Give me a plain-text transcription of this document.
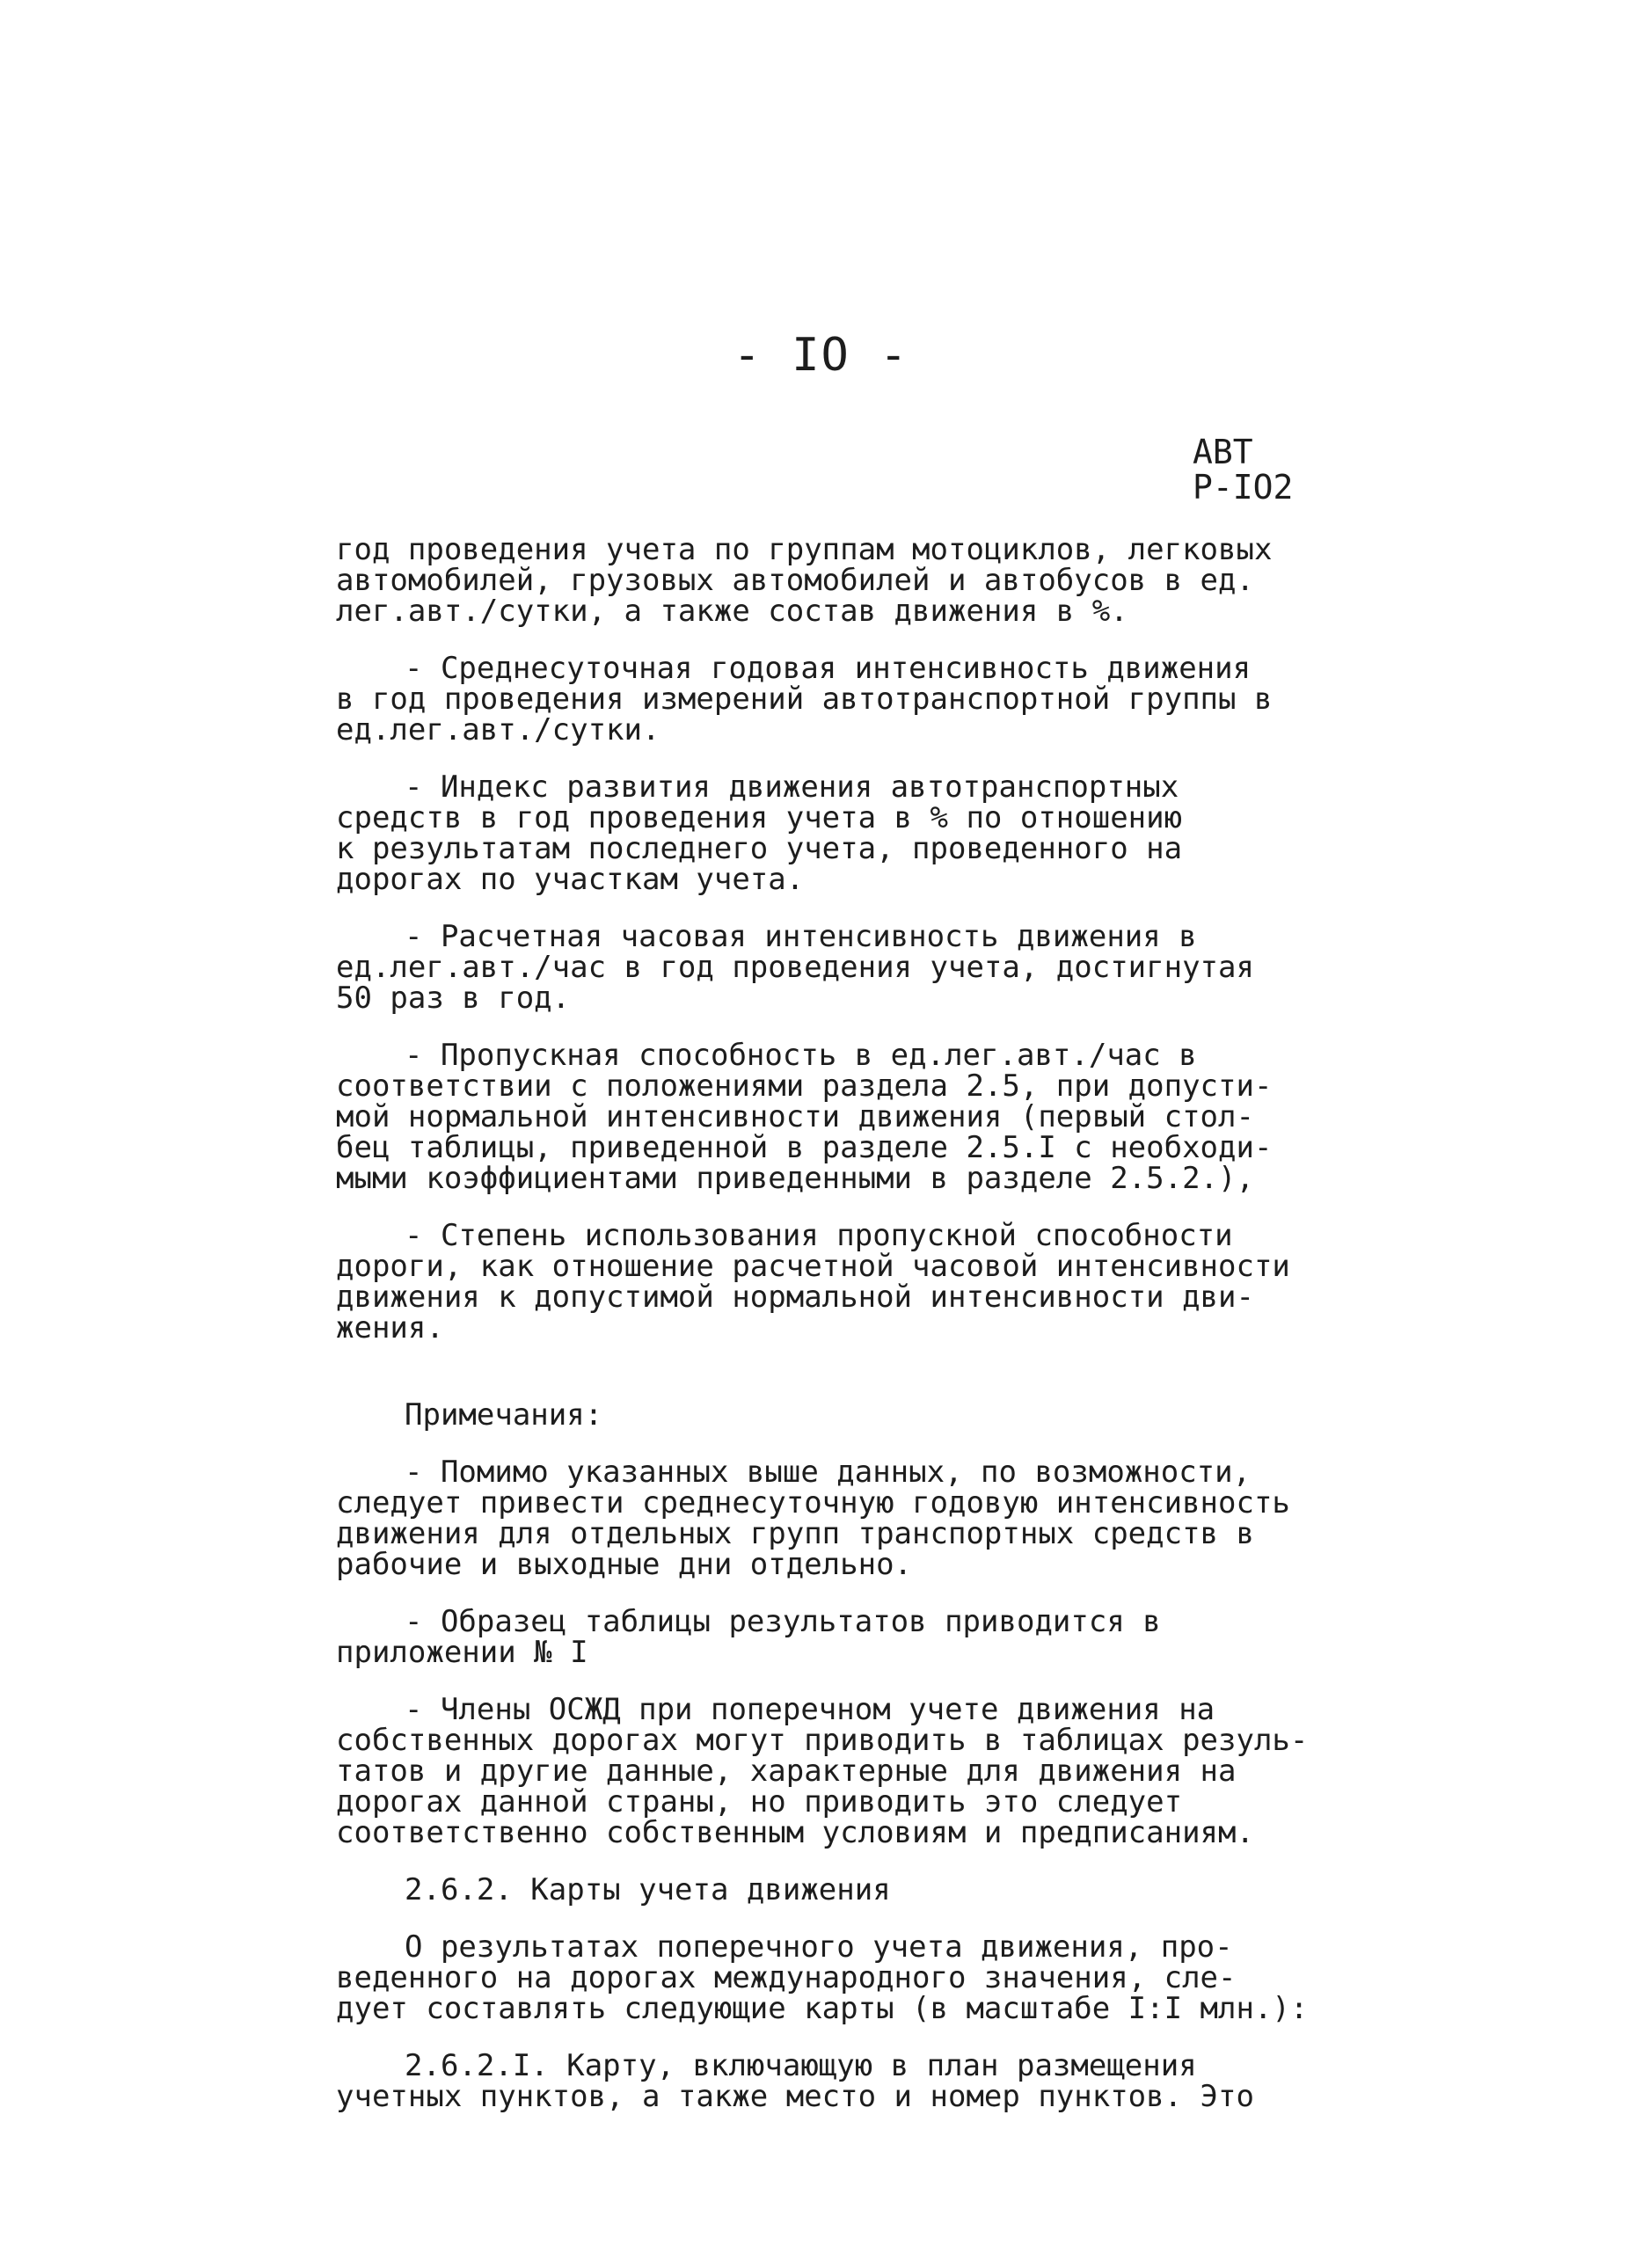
- IO -
АВТ
Р-IО2
год проведения учета по группам мотоциклов, легковых
автомобилей, грузовых автомобилей и автобусов в ед.
лег.авт./сутки, а также состав движения в %.
- Среднесуточная годовая интенсивность движения
в год проведения измерений автотранспортной группы в
ед.лег.авт./сутки.
- Индекс развития движения автотранспортных
средств в год проведения учета в % по отношению
к результатам последнего учета, проведенного на
дорогах по участкам учета.
- Расчетная часовая интенсивность движения в
ед.лег.авт./час в год проведения учета, достигнутая
50 раз в год.
- Пропускная способность в ед.лег.авт./час в
соответствии с положениями раздела 2.5, при допусти-
мой нормальной интенсивности движения (первый стол-
бец таблицы, приведенной в разделе 2.5.I с необходи-
мыми коэффициентами приведенными в разделе 2.5.2.),
- Степень использования пропускной способности
дороги, как отношение расчетной часовой интенсивности
движения к допустимой нормальной интенсивности дви-
жения.
Примечания:
- Помимо указанных выше данных, по возможности,
следует привести среднесуточную годовую интенсивность
движения для отдельных групп транспортных средств в
рабочие и выходные дни отдельно.
- Образец таблицы результатов приводится в
приложении № I
- Члены ОСЖД при поперечном учете движения на
собственных дорогах могут приводить в таблицах резуль-
татов и другие данные, характерные для движения на
дорогах данной страны, но приводить это следует
соответственно собственным условиям и предписаниям.
2.6.2. Карты учета движения
О результатах поперечного учета движения, про-
веденного на дорогах международного значения, сле-
дует составлять следующие карты (в масштабе I:I млн.):
2.6.2.I. Карту, включающую в план размещения
учетных пунктов, а также место и номер пунктов. Это
